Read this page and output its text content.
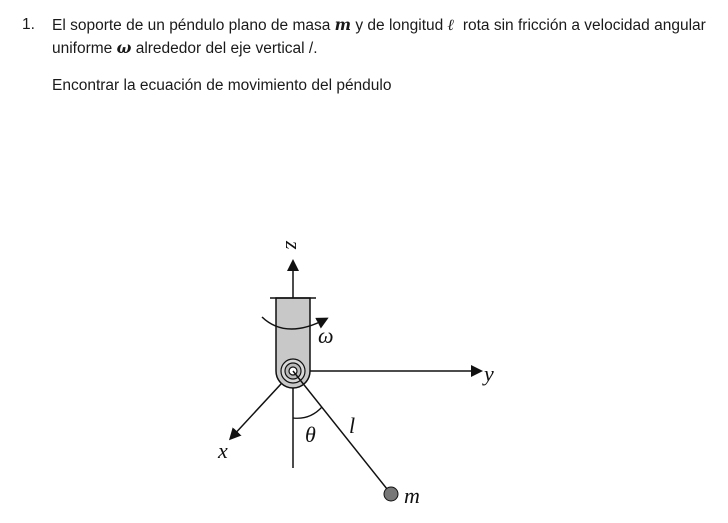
1. El soporte de un péndulo plano de masa m y de longitud ℓ rota sin fricción a velocidad angular uniforme ω alrededor del eje vertical /.
Encontrar la ecuación de movimiento del péndulo
z
y
x
ω
m
θ l
